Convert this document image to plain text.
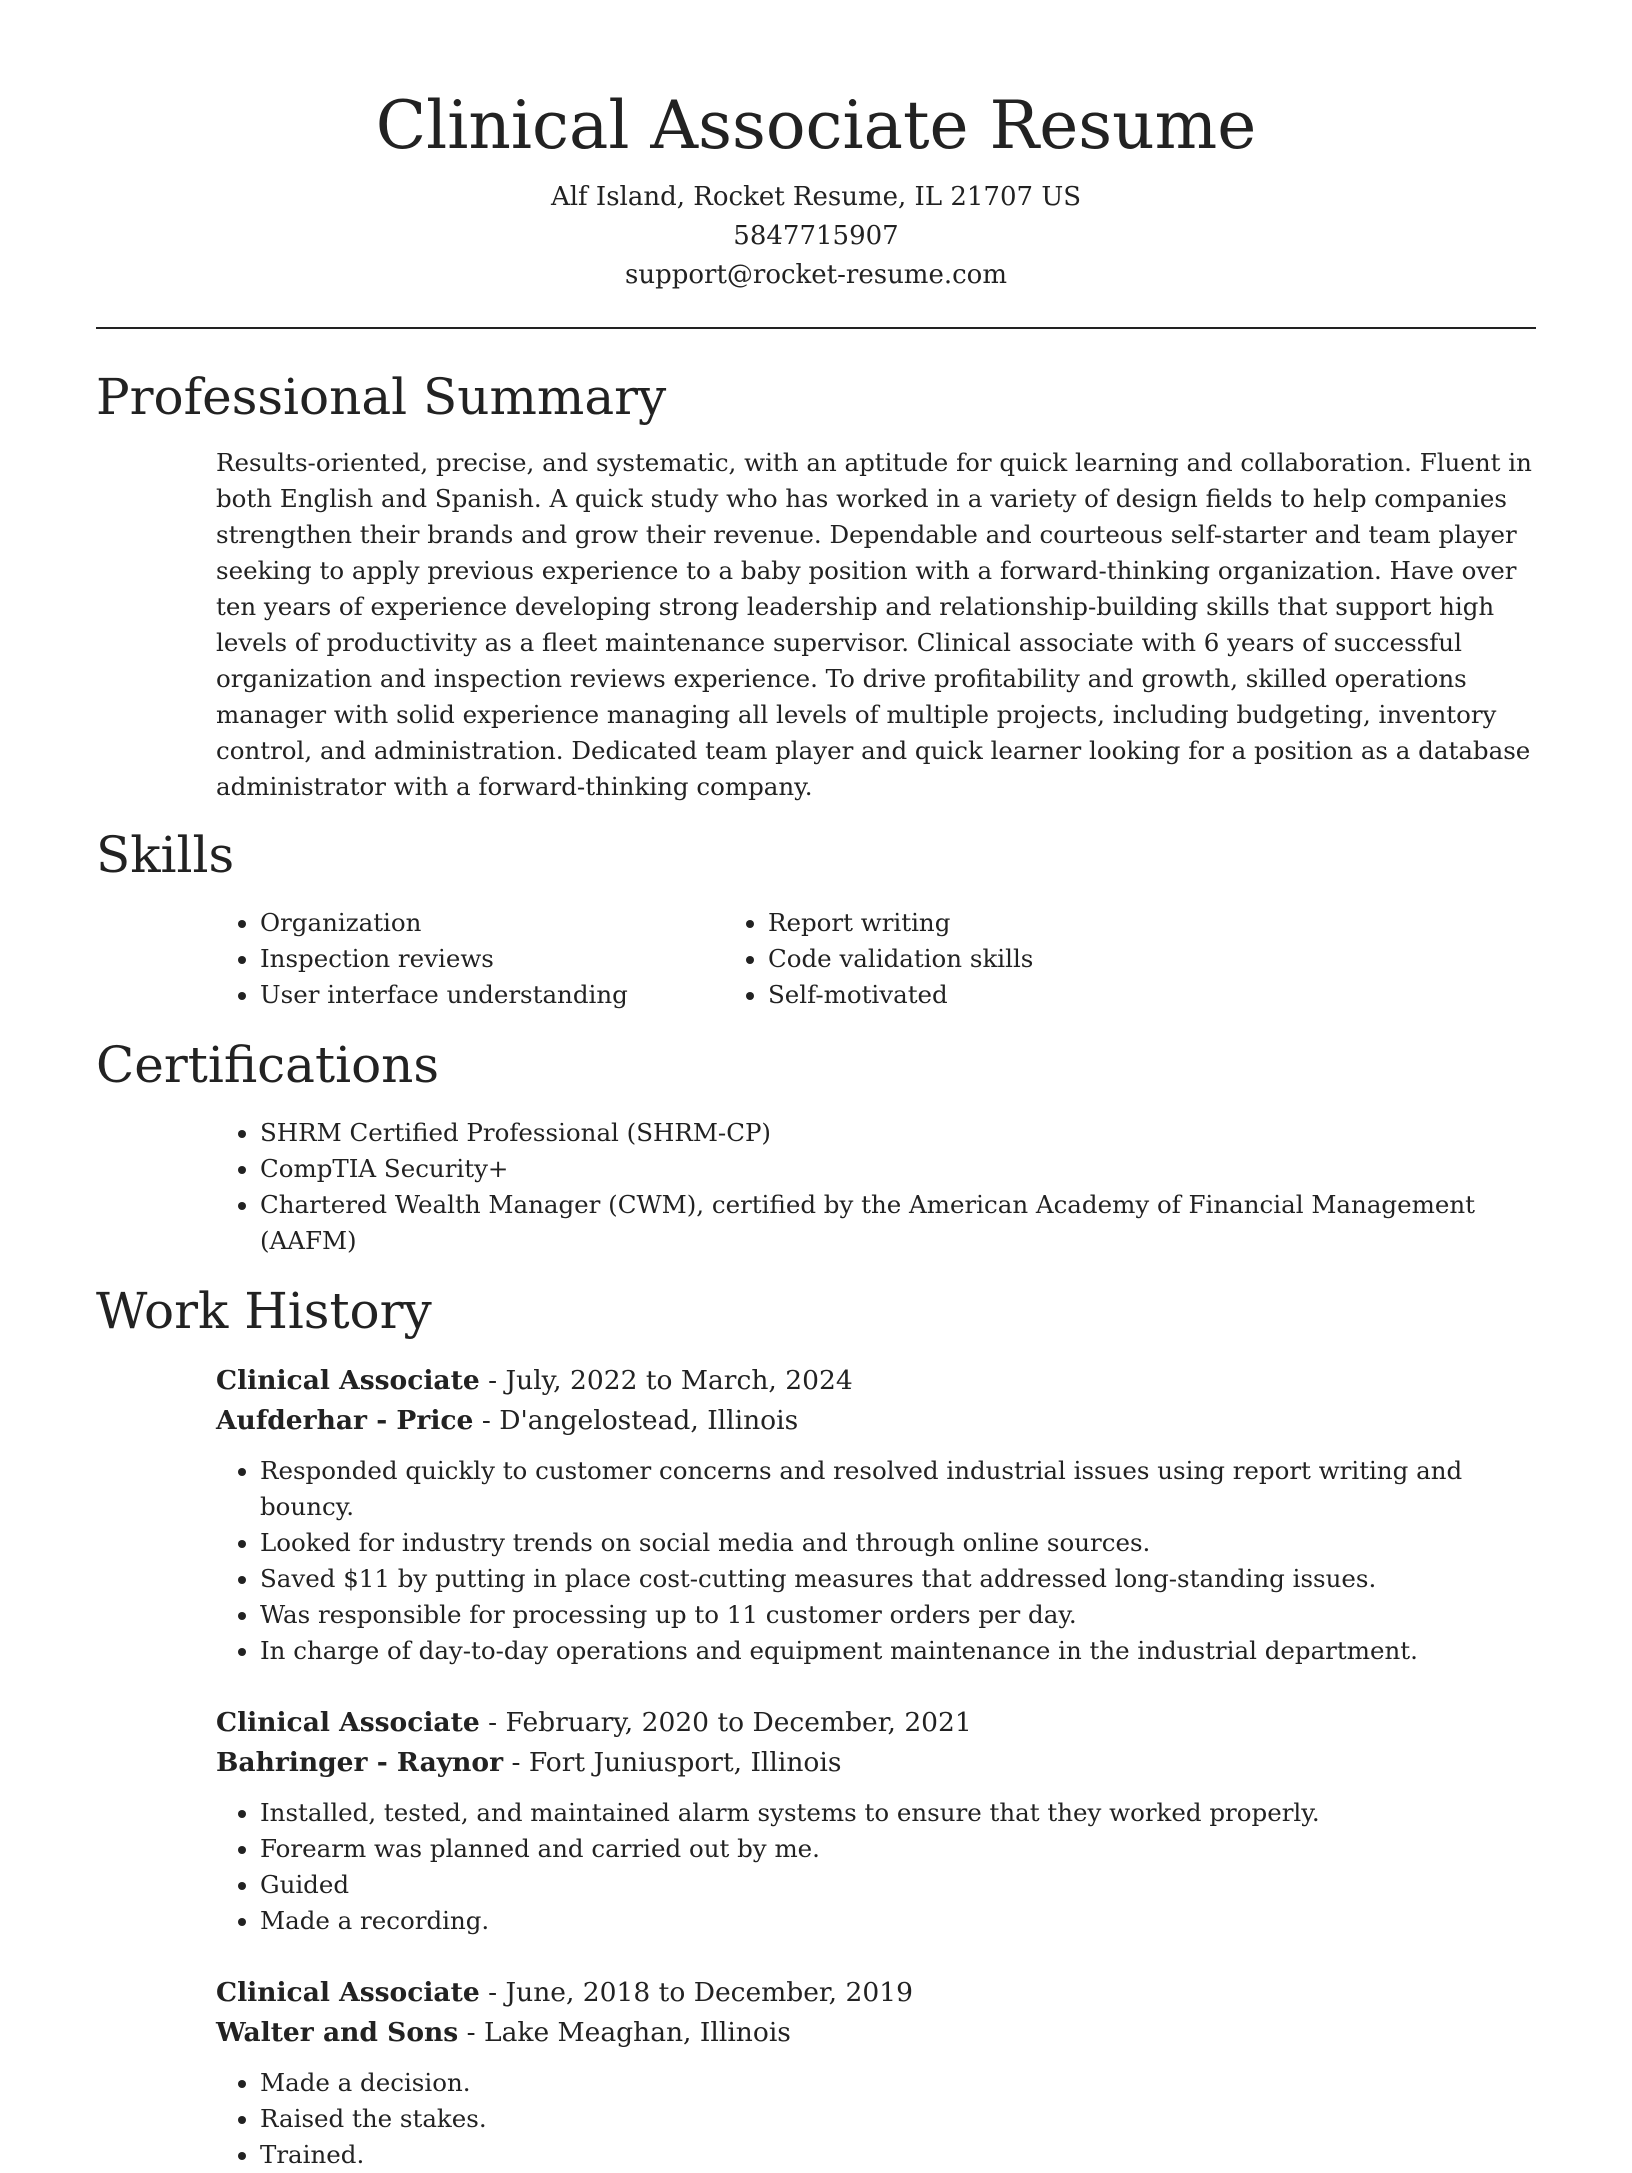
Clinical Associate Resume
Alf Island, Rocket Resume, IL 21707 US
5847715907
support@rocket-resume.com
Professional Summary

Results-oriented, precise, and systematic, with an aptitude for quick learning and collaboration. Fluent in both English and Spanish. A quick study who has worked in a variety of design fields to help companies strengthen their brands and grow their revenue. Dependable and courteous self-starter and team player seeking to apply previous experience to a baby position with a forward-thinking organization. Have over ten years of experience developing strong leadership and relationship-building skills that support high levels of productivity as a fleet maintenance supervisor. Clinical associate with 6 years of successful organization and inspection reviews experience. To drive profitability and growth, skilled operations manager with solid experience managing all levels of multiple projects, including budgeting, inventory control, and administration. Dedicated team player and quick learner looking for a position as a database administrator with a forward-thinking company.

Skills
• Organization
• Inspection reviews
• User interface understanding
• Report writing
• Code validation skills
• Self-motivated
Certifications
• SHRM Certified Professional (SHRM-CP)
• CompTIA Security+
• Chartered Wealth Manager (CWM), certified by the American Academy of Financial Management (AAFM)
Work History
Clinical Associate - July, 2022 to March, 2024
Aufderhar - Price - D'angelostead, Illinois
• Responded quickly to customer concerns and resolved industrial issues using report writing and bouncy.
• Looked for industry trends on social media and through online sources.
• Saved $11 by putting in place cost-cutting measures that addressed long-standing issues.
• Was responsible for processing up to 11 customer orders per day.
• In charge of day-to-day operations and equipment maintenance in the industrial department.
Clinical Associate - February, 2020 to December, 2021
Bahringer - Raynor - Fort Juniusport, Illinois
• Installed, tested, and maintained alarm systems to ensure that they worked properly.
• Forearm was planned and carried out by me.
• Guided
• Made a recording.
Clinical Associate - June, 2018 to December, 2019
Walter and Sons - Lake Meaghan, Illinois
• Made a decision.
• Raised the stakes.
• Trained.
